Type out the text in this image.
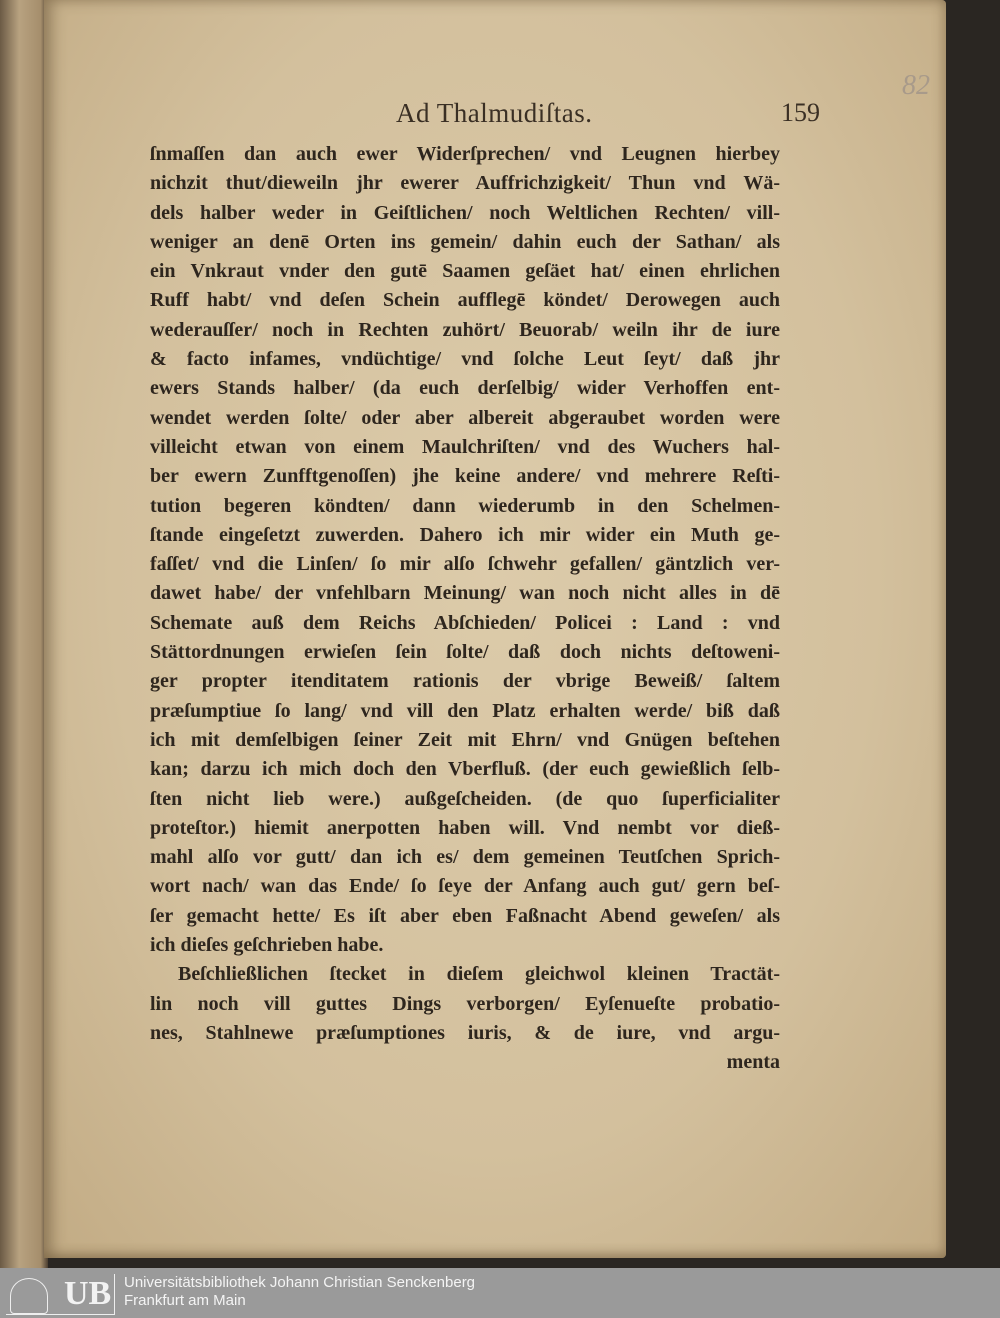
Ad Thalmudiſtas.	159
82
ſnmaſſen dan auch ewer Widerſprechen/ vnd Leugnen hierbey
nichzit thut/dieweiln jhr ewerer Auffrichzigkeit/ Thun vnd Wä-
dels halber weder in Geiſtlichen/ noch Weltlichen Rechten/ vill-
weniger an denē Orten ins gemein/ dahin euch der Sathan/ als
ein Vnkraut vnder den gutē Saamen geſäet hat/ einen ehrlichen
Ruff habt/ vnd deſen Schein aufflegē köndet/ Derowegen auch
wederauſſer/ noch in Rechten zuhört/ Beuorab/ weiln ihr de iure
& facto infames, vndüchtige/ vnd ſolche Leut ſeyt/ daß jhr
ewers Stands halber/ (da euch derſelbig/ wider Verhoffen ent-
wendet werden ſolte/ oder aber albereit abgeraubet worden were
villeicht etwan von einem Maulchriſten/ vnd des Wuchers hal-
ber ewern Zunfftgenoſſen) jhe keine andere/ vnd mehrere Reſti-
tution begeren köndten/ dann wiederumb in den Schelmen-
ſtande eingeſetzt zuwerden. Dahero ich mir wider ein Muth ge-
faſſet/ vnd die Linſen/ ſo mir alſo ſchwehr gefallen/ gäntzlich ver-
dawet habe/ der vnfehlbarn Meinung/ wan noch nicht alles in dē
Schemate auß dem Reichs Abſchieden/ Policei : Land : vnd
Stättordnungen erwieſen ſein ſolte/ daß doch nichts deſtoweni-
ger propter itenditatem rationis der vbrige Beweiß/ ſaltem
præſumptiue ſo lang/ vnd vill den Platz erhalten werde/ biß daß
ich mit demſelbigen ſeiner Zeit mit Ehrn/ vnd Gnügen beſtehen
kan; darzu ich mich doch den Vberfluß. (der euch gewießlich ſelb-
ſten nicht lieb were.) außgeſcheiden. (de quo ſuperficialiter
proteſtor.) hiemit anerpotten haben will. Vnd nembt vor dieß-
mahl alſo vor gutt/ dan ich es/ dem gemeinen Teutſchen Sprich-
wort nach/ wan das Ende/ ſo ſeye der Anfang auch gut/ gern beſ-
ſer gemacht hette/ Es iſt aber eben Faßnacht Abend geweſen/ als
ich dieſes geſchrieben habe.
Beſchließlichen ſtecket in dieſem gleichwol kleinen Tractät-
lin noch vill guttes Dings verborgen/ Eyſenueſte probatio-
nes, Stahlnewe præſumptiones iuris, & de iure, vnd argu-
menta
UB Universitätsbibliothek Johann Christian Senckenberg
Frankfurt am Main
